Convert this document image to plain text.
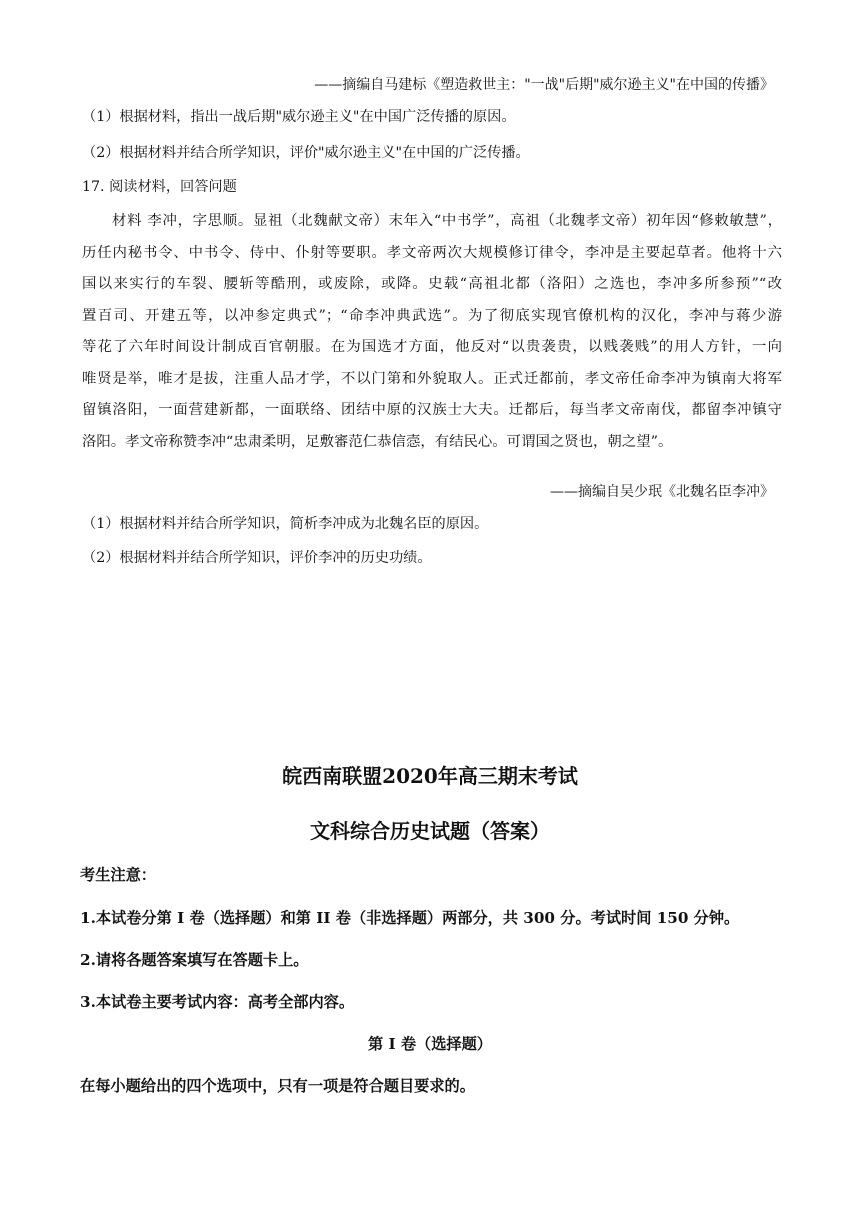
——摘编自马建标《塑造救世主："一战"后期"威尔逊主义"在中国的传播》
（1）根据材料，指出一战后期"威尔逊主义"在中国广泛传播的原因。
（2）根据材料并结合所学知识，评价"威尔逊主义"在中国的广泛传播。
17. 阅读材料，回答问题
材料 李冲，字思顺。显祖（北魏献文帝）末年入“中书学”，高祖（北魏孝文帝）初年因“修敕敏慧”，
历任内秘书令、中书令、侍中、仆射等要职。孝文帝两次大规模修订律令，李冲是主要起草者。他将十六
国以来实行的车裂、腰斩等酷刑，或废除，或降。史载“高祖北都（洛阳）之选也，李冲多所参预”“改
置百司、开建五等，以冲参定典式”；“命李冲典武选”。为了彻底实现官僚机构的汉化，李冲与蒋少游
等花了六年时间设计制成百官朝服。在为国选才方面，他反对“以贵袭贵，以贱袭贱”的用人方针，一向
唯贤是举，唯才是拔，注重人品才学，不以门第和外貌取人。正式迁都前，孝文帝任命李冲为镇南大将军
留镇洛阳，一面营建新都，一面联络、团结中原的汉族士大夫。迁都后，每当孝文帝南伐，都留李冲镇守
洛阳。孝文帝称赞李冲“忠肃柔明，足敷審范仁恭信悫，有结民心。可谓国之贤也，朝之望”。
——摘编自吴少珉《北魏名臣李冲》
（1）根据材料并结合所学知识，简析李冲成为北魏名臣的原因。
（2）根据材料并结合所学知识，评价李冲的历史功绩。
皖西南联盟2020年高三期末考试
文科综合历史试题（答案）
考生注意：
1.本试卷分第 I 卷（选择题）和第 II 卷（非选择题）两部分，共 300 分。考试时间 150 分钟。
2.请将各题答案填写在答题卡上。
3.本试卷主要考试内容：高考全部内容。
第 I 卷（选择题）
在每小题给出的四个选项中，只有一项是符合题目要求的。
